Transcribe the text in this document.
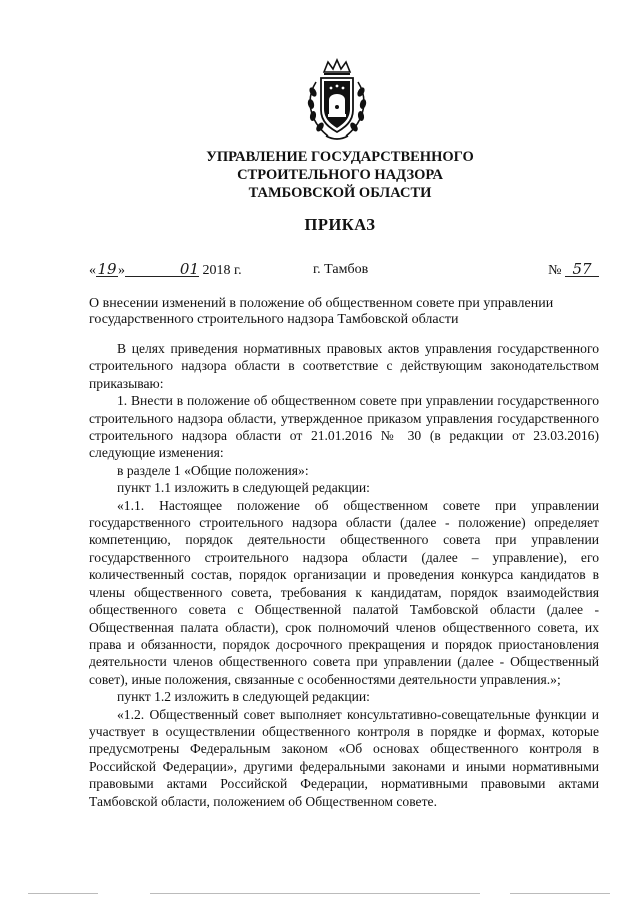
УПРАВЛЕНИЕ ГОСУДАРСТВЕННОГО
СТРОИТЕЛЬНОГО НАДЗОРА
ТАМБОВСКОЙ ОБЛАСТИ
ПРИКАЗ
«19»	01 2018 г.	г. Тамбов	№ 57
О внесении изменений в положение об общественном совете при управлении государственного строительного надзора Тамбовской области

В целях приведения нормативных правовых актов управления государственного строительного надзора области в соответствие с действующим законодательством приказываю:

1. Внести в положение об общественном совете при управлении государственного строительного надзора области, утвержденное приказом управления государственного строительного надзора области от 21.01.2016 № 30 (в редакции от 23.03.2016) следующие изменения:

в разделе 1 «Общие положения»:

пункт 1.1 изложить в следующей редакции:

«1.1. Настоящее положение об общественном совете при управлении государственного строительного надзора области (далее - положение) определяет компетенцию, порядок деятельности общественного совета при управлении государственного строительного надзора области (далее – управление), его количественный состав, порядок организации и проведения конкурса кандидатов в члены общественного совета, требования к кандидатам, порядок взаимодействия общественного совета с Общественной палатой Тамбовской области (далее - Общественная палата области), срок полномочий членов общественного совета, их права и обязанности, порядок досрочного прекращения и порядок приостановления деятельности членов общественного совета при управлении (далее - Общественный совет), иные положения, связанные с особенностями деятельности управления.»;

пункт 1.2 изложить в следующей редакции:

«1.2. Общественный совет выполняет консультативно-совещательные функции и участвует в осуществлении общественного контроля в порядке и формах, которые предусмотрены Федеральным законом «Об основах общественного контроля в Российской Федерации», другими федеральными законами и иными нормативными правовыми актами Российской Федерации, нормативными правовыми актами Тамбовской области, положением об Общественном совете.
